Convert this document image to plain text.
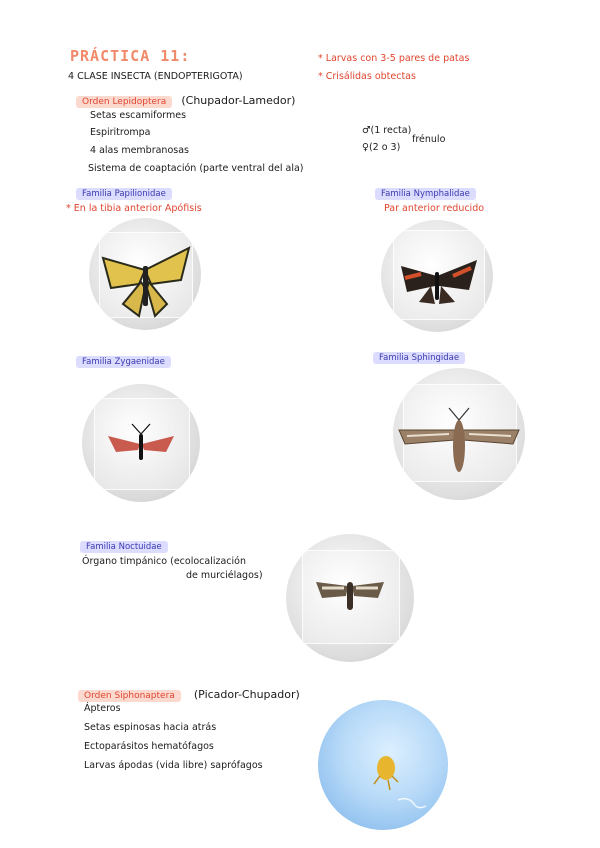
PRÁCTICA 11:
4 CLASE INSECTA (ENDOPTERIGOTA)
* Larvas con 3-5 pares de patas
* Crisálidas obtectas
Orden Lepidoptera (Chupador-Lamedor)
Setas escamiformes
Espiritrompa
4 alas membranosas
Sistema de coaptación (parte ventral del ala)
♂(1 recta)
♀(2 o 3)
frénulo
Familia Papilionidae
* En la tibia anterior Apófisis
Familia Nymphalidae
Par anterior reducido
Familia Zygaenidae	Familia Sphingidae
Familia Noctuidae
Órgano timpánico (ecolocalización
de murciélagos)
Orden Siphonaptera (Picador-Chupador)
Ápteros
Setas espinosas hacia atrás
Ectoparásitos hematófagos
Larvas ápodas (vida libre) saprófagos
